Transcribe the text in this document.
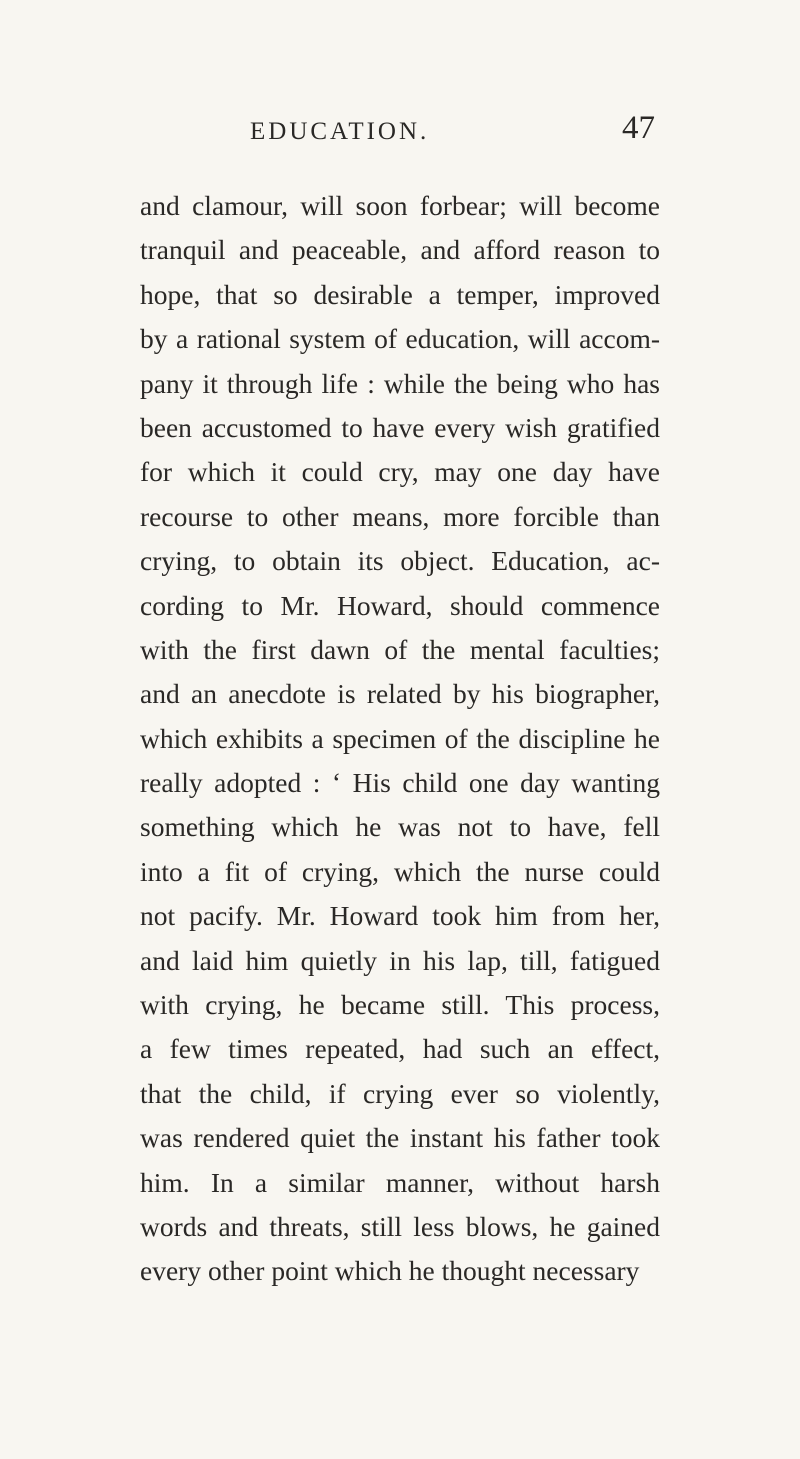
EDUCATION.	47
and clamour, will soon forbear; will become
tranquil and peaceable, and afford reason to
hope, that so desirable a temper, improved
by a rational system of education, will accom-
pany it through life : while the being who has
been accustomed to have every wish gratified
for which it could cry, may one day have
recourse to other means, more forcible than
crying, to obtain its object. Education, ac-
cording to Mr. Howard, should commence
with the first dawn of the mental faculties;
and an anecdote is related by his biographer,
which exhibits a specimen of the discipline he
really adopted : ‘ His child one day wanting
something which he was not to have, fell
into a fit of crying, which the nurse could
not pacify. Mr. Howard took him from her,
and laid him quietly in his lap, till, fatigued
with crying, he became still. This process,
a few times repeated, had such an effect,
that the child, if crying ever so violently,
was rendered quiet the instant his father took
him. In a similar manner, without harsh
words and threats, still less blows, he gained
every other point which he thought necessary
